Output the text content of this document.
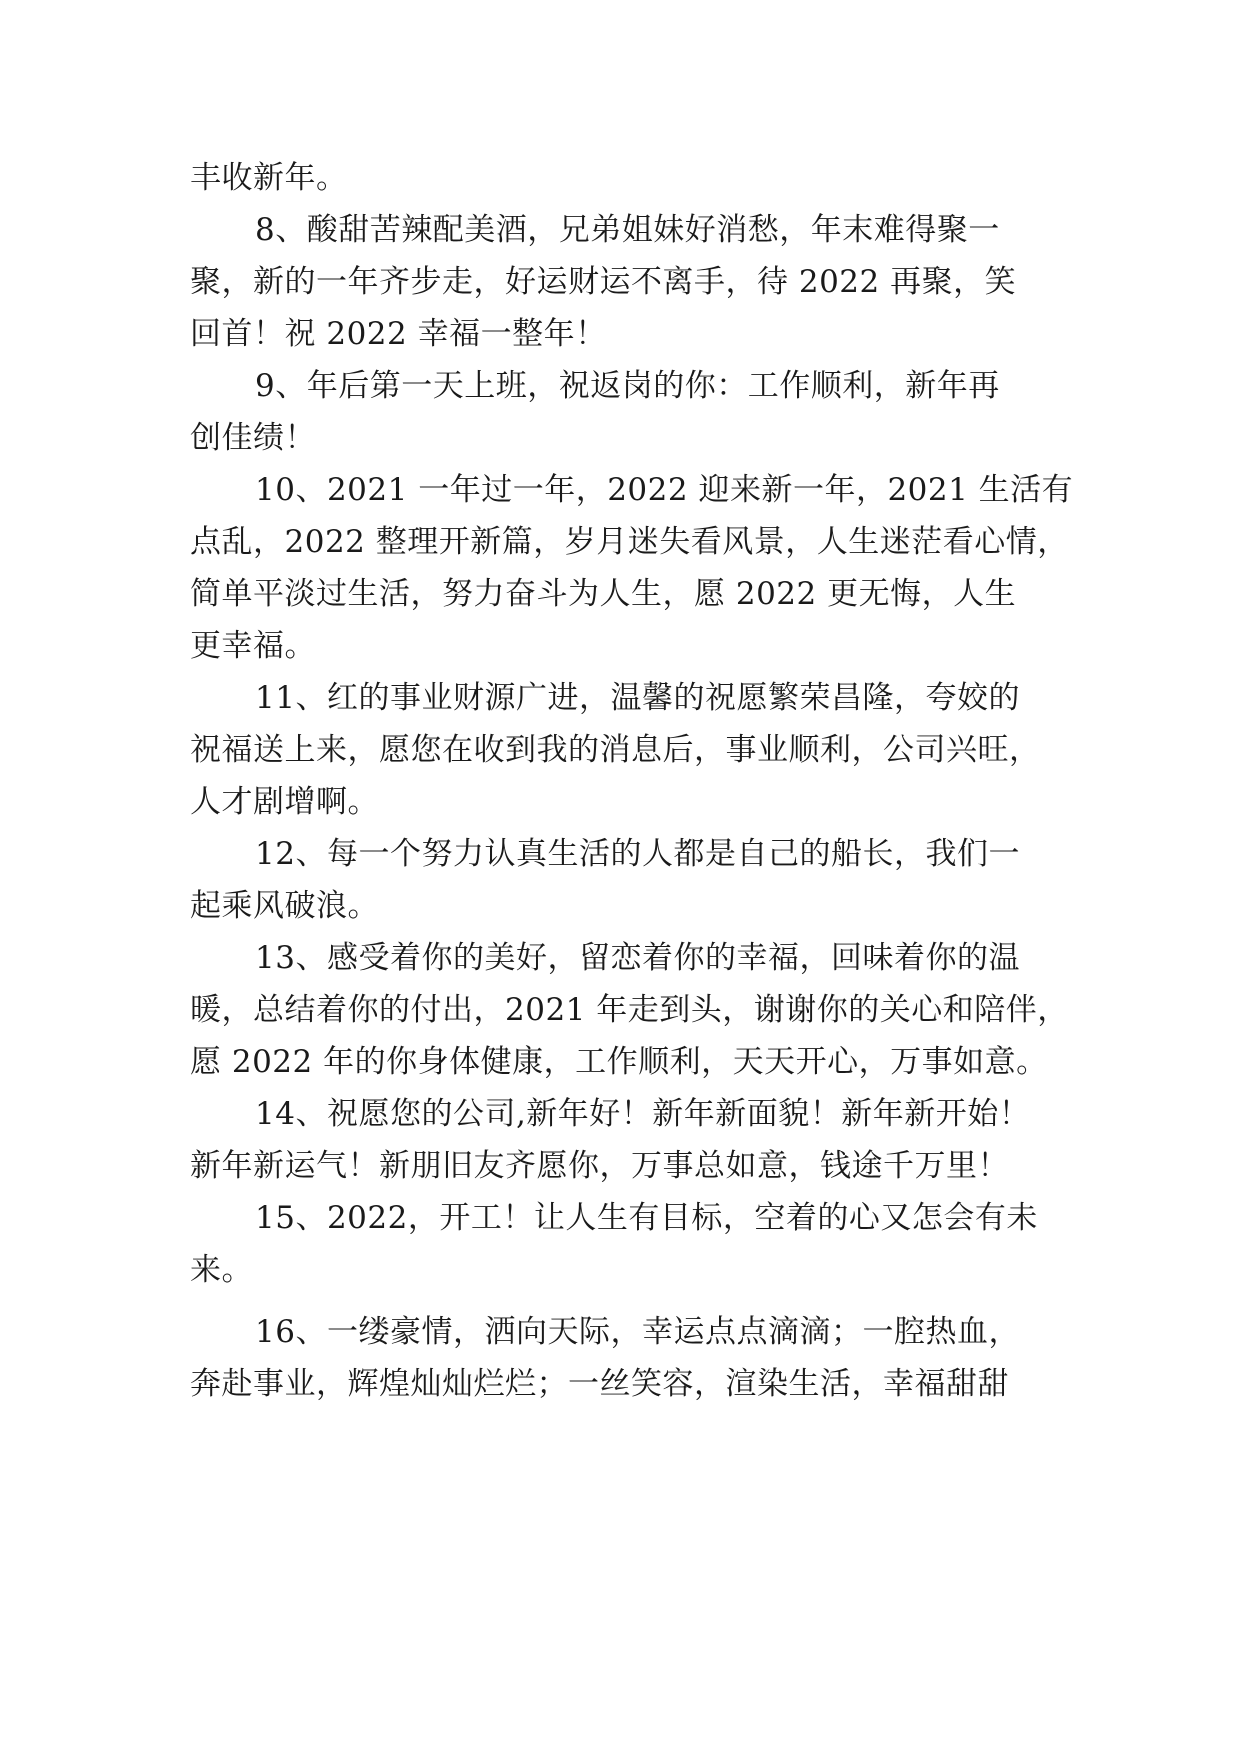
丰收新年。
8、酸甜苦辣配美酒，兄弟姐妹好消愁，年末难得聚一
聚，新的一年齐步走，好运财运不离手，待 2022 再聚，笑
回首！祝 2022 幸福一整年！
9、年后第一天上班，祝返岗的你：工作顺利，新年再
创佳绩！
10、2021 一年过一年，2022 迎来新一年，2021 生活有
点乱，2022 整理开新篇，岁月迷失看风景，人生迷茫看心情，
简单平淡过生活，努力奋斗为人生，愿 2022 更无悔，人生
更幸福。
11、红的事业财源广进，温馨的祝愿繁荣昌隆，夸姣的
祝福送上来，愿您在收到我的消息后，事业顺利，公司兴旺，
人才剧增啊。
12、每一个努力认真生活的人都是自己的船长，我们一
起乘风破浪。
13、感受着你的美好，留恋着你的幸福，回味着你的温
暖，总结着你的付出，2021 年走到头，谢谢你的关心和陪伴，
愿 2022 年的你身体健康，工作顺利，天天开心，万事如意。
14、祝愿您的公司,新年好！新年新面貌！新年新开始！
新年新运气！新朋旧友齐愿你，万事总如意，钱途千万里！
15、2022，开工！让人生有目标，空着的心又怎会有未
来。
16、一缕豪情，洒向天际，幸运点点滴滴；一腔热血，
奔赴事业，辉煌灿灿烂烂；一丝笑容，渲染生活，幸福甜甜
